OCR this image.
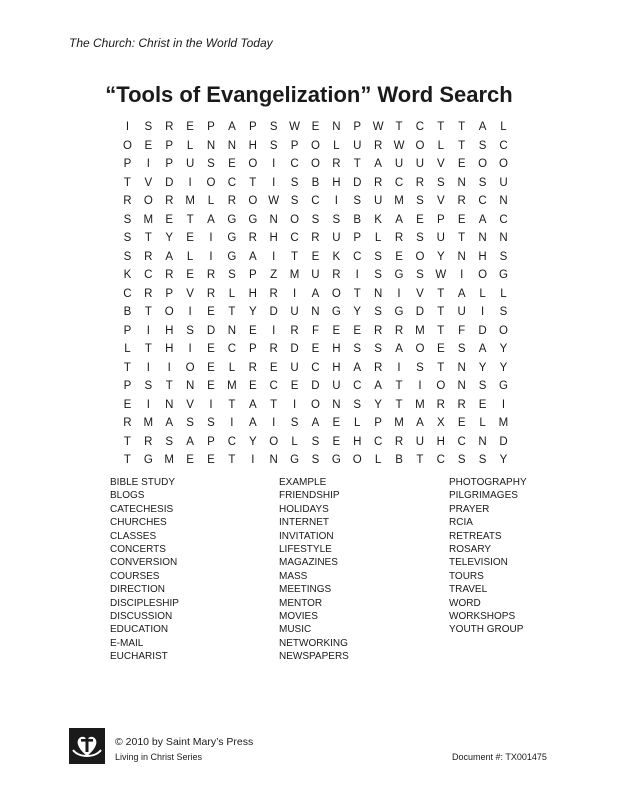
The Church: Christ in the World Today
“Tools of Evangelization” Word Search
I	S	R	E	P	A	P	S	W	E	N	P	W	T	C	T	T	A	L
O	E	P	L	N	N	H	S	P	O	L	U	R W O	L	T	S	C
P	I	P	U	S	E	O	I	C	O	R	T	A	U	U	V	E	O	O
T	V	D	I	O	C	T	I	S	B	H	D	R	C	R	S	N	S	U
R	O	R	M	L	R	O W	S	C	I	S	U	M	S	V	R	C	N
S	M	E	T	A	G	G	N	O	S	S	B	K	A	E	P	E	A	C
S	T	Y	E	I	G	R	H	C	R	U	P	L	R	S	U	T	N	N
S	R	A	L	I	G	A	I	T	E	K	C	S	E	O	Y	N	H	S
K	C	R	E	R	S	P	Z	M	U	R	I	S	G	S	W	I	O	G
C	R	P	V	R	L	H	R	I	A	O	T	N	I	V	T	A	L	L
B	T	O	I	E	T	Y	D	U	N	G	Y	S	G	D	T	U	I	S
P	I	H	S	D	N	E	I	R	F	E	E	R	R	M	T	F	D	O
L	T	H	I	E	C	P	R	D	E	H	S	S	A	O	E	S	A	Y
T	I	I	O	E	L	R	E	U	C	H	A	R	I	S	T	N	Y	Y
P	S	T	N	E	M	E	C	E	D	U	C	A	T	I	O	N	S	G
E	I	N	V	I	T	A	T	I	O	N	S	Y	T	M	R	R	E	I
R	M	A	S	S	I	A	I	S	A	E	L	P	M	A	X	E	L	M
T	R	S	A	P	C	Y	O	L	S	E	H	C	R	U	H	C	N	D
T	G	M	E	E	T	I	N	G	S	G	O	L	B	T	C	S	S	Y
BIBLE STUDY
BLOGS
CATECHESIS
CHURCHES
CLASSES
CONCERTS
CONVERSION
COURSES
DIRECTION
DISCIPLESHIP
DISCUSSION
EDUCATION
E-MAIL
EUCHARIST
EXAMPLE
FRIENDSHIP
HOLIDAYS
INTERNET
INVITATION
LIFESTYLE
MAGAZINES
MASS
MEETINGS
MENTOR
MOVIES
MUSIC
NETWORKING
NEWSPAPERS
PHOTOGRAPHY
PILGRIMAGES
PRAYER
RCIA
RETREATS
ROSARY
TELEVISION
TOURS
TRAVEL
WORD
WORKSHOPS
YOUTH GROUP
© 2010 by Saint Mary’s Press
Living in Christ Series	Document #: TX001475
